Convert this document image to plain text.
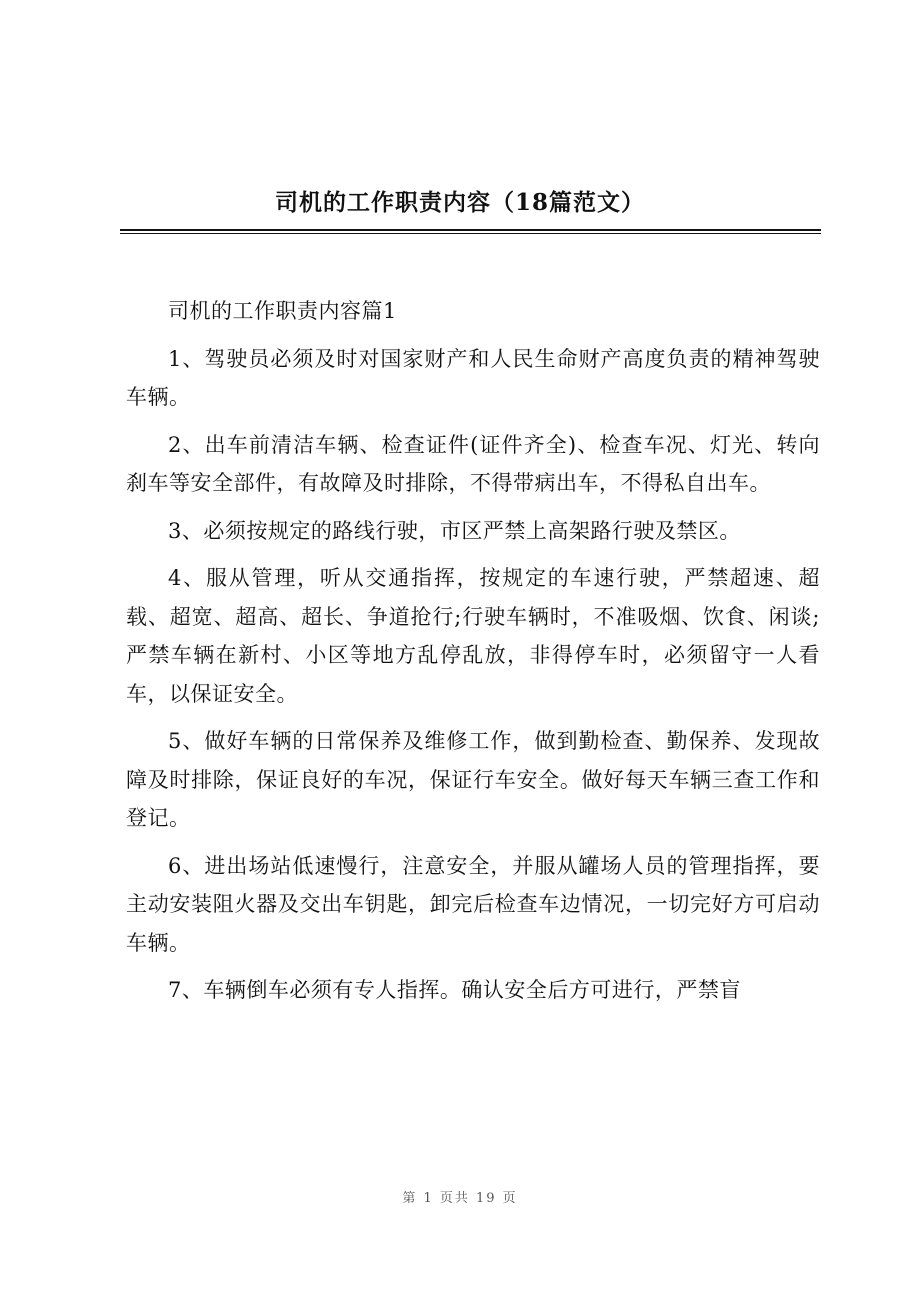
司机的工作职责内容（18篇范文）

司机的工作职责内容篇1

1、驾驶员必须及时对国家财产和人民生命财产高度负责的精神驾驶车辆。

2、出车前清洁车辆、检查证件(证件齐全)、检查车况、灯光、转向刹车等安全部件，有故障及时排除，不得带病出车，不得私自出车。

3、必须按规定的路线行驶，市区严禁上高架路行驶及禁区。

4、服从管理，听从交通指挥，按规定的车速行驶，严禁超速、超载、超宽、超高、超长、争道抢行;行驶车辆时，不准吸烟、饮食、闲谈;严禁车辆在新村、小区等地方乱停乱放，非得停车时，必须留守一人看车，以保证安全。

5、做好车辆的日常保养及维修工作，做到勤检查、勤保养、发现故障及时排除，保证良好的车况，保证行车安全。做好每天车辆三查工作和登记。

6、进出场站低速慢行，注意安全，并服从罐场人员的管理指挥，要主动安装阻火器及交出车钥匙，卸完后检查车边情况，一切完好方可启动车辆。

7、车辆倒车必须有专人指挥。确认安全后方可进行，严禁盲

第 1 页共 19 页
